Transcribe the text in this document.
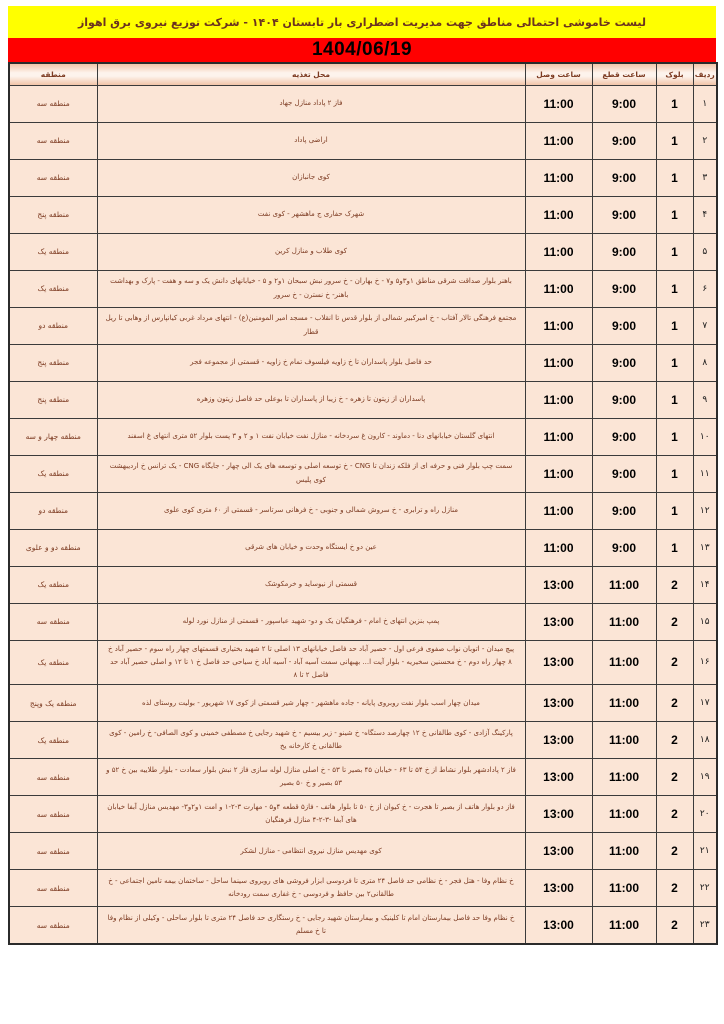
لیست خاموشی احتمالی مناطق جهت مدیریت اضطراری بار تابستان ۱۴۰۴ - شرکت توزیع نیروی برق اهواز
1404/06/19
ردیف	بلوک	ساعت قطع	ساعت وصل	محل تغذیه	منطقه
۱	1	9:00	11:00	فاز ۲ پاداد منازل جهاد	منطقه سه
۲	1	9:00	11:00	اراضی پاداد	منطقه سه
۳	1	9:00	11:00	کوی جانبازان	منطقه سه
۴	1	9:00	11:00	شهرک حفاری ج ماهشهر - کوی نفت	منطقه پنج
۵	1	9:00	11:00	کوی طلاب و منازل کرین	منطقه یک
۶	1	9:00	11:00	باهنر بلوار صداقت شرقی مناطق ۱و۳و۵ و۷ - خ بهاران - خ سرور نبش سبحان ۱و۲ و ۵ - خیابانهای دانش یک و سه و هفت - پارک و بهداشت باهنر- خ نسترن - خ سرور	منطقه یک
۷	1	9:00	11:00	مجتمع فرهنگی تالار آفتاب - خ امیرکبیر شمالی از بلوار قدس تا انقلاب - مسجد امیر المومنین(ع) - انتهای مرداد غربی کیانپارس از وهابی تا ریل قطار	منطقه دو
۸	1	9:00	11:00	حد فاصل بلوار پاسداران تا خ زاویه فیلسوف تمام خ زاویه - قسمتی از مجموعه فجر	منطقه پنج
۹	1	9:00	11:00	پاسداران از زیتون تا زهره - خ زیبا از پاسداران تا بوعلی حد فاصل زیتون وزهره	منطقه پنج
۱۰	1	9:00	11:00	انتهای گلستان خیابانهای دنا - دماوند - کارون غ سردخانه - منازل نفت خیابان نفت ۱ و ۲ و ۳ پست بلوار ۵۲ متری انتهای غ اسفند	منطقه چهار و سه
۱۱	1	9:00	11:00	سمت چپ بلوار فنی و حرفه ای از فلکه زندان تا CNG - خ توسعه اصلی و توسعه های یک الی چهار - جایگاه CNG - یک ترانس خ اردیبهشت کوی پلیس	منطقه یک
۱۲	1	9:00	11:00	منازل راه و ترابری - خ سروش شمالی و جنوبی - خ فرهانی سرتاسر - قسمتی از ۶۰ متری کوی علوی	منطقه دو
۱۳	1	9:00	11:00	عین دو خ ایستگاه وحدت و خیابان های شرقی	منطقه دو و علوی
۱۴	2	11:00	13:00	قسمتی از نیوساید و خرمکوشک	منطقه یک
۱۵	2	11:00	13:00	پمپ بنزین انتهای خ امام - فرهنگیان یک و دو- شهید عباسپور - قسمتی از منازل نورد لوله	منطقه سه
۱۶	2	11:00	13:00	پیچ میدان - اتوبان نواب صفوی فرعی اول - حصیر آباد حد فاصل خیابانهای ۱۳ اصلی تا ۲ شهید بختیاری قسمتهای چهار راه سوم - حصیر آباد خ ۸ چهار راه دوم - خ محسنین سخیریه - بلوار آیت ا... بهبهانی سمت آسیه آباد - آسیه آباد خ سیاحی حد فاصل خ ۱ تا ۱۲ و اصلی حصیر آباد حد فاصل ۲ تا ۸	منطقه یک
۱۷	2	11:00	13:00	میدان چهار اسب بلوار نفت روبروی پایانه - جاده ماهشهر - چهار شیر قسمتی از کوی ۱۷ شهریور - بولیت روستای لذه	منطقه یک وپنج
۱۸	2	11:00	13:00	پارکینگ آزادی - کوی طالقانی خ ۱۲ چهارصد دستگاه- خ شینو - زیر بیسیم - خ شهید رجایی خ مصطفی خمینی و کوی الصافی- خ رامین - کوی طالقانی خ کارخانه یخ	منطقه یک
۱۹	2	11:00	13:00	فاز ۲ پادادشهر بلوار نشاط از خ ۵۴ تا ۶۳ - خیابان ۴۵ بصیر تا ۵۳ - خ اصلی منازل لوله سازی فاز ۲ نبش بلوار سعادت - بلوار طلاییه بین خ ۵۲ و ۵۳ بصیر و خ ۵۰ بصیر	منطقه سه
۲۰	2	11:00	13:00	فاز دو بلوار هاتف از بصیر تا هجرت - خ کیوان از خ ۵۰ تا بلوار هاتف - فاز۵ قطعه ۴و۵ - مهارت ۳-۲-۱ و امت ۱و۲و۳- مهدیس منازل آبفا خیابان های آبفا -۳-۲-۴ منازل فرهنگیان	منطقه سه
۲۱	2	11:00	13:00	کوی مهدیس منازل نیروی انتظامی - منازل لشکر	منطقه سه
۲۲	2	11:00	13:00	خ نظام وفا - هتل فجر - خ نظامی حد فاصل ۲۴ متری تا فردوسی ابزار فروشی های روبروی سینما ساحل - ساختمان بیمه تامین اجتماعی - خ طالقانی۲ بین حافظ و فردوسی - خ غفاری سمت رودخانه	منطقه سه
۲۳	2	11:00	13:00	خ نظام وفا حد فاصل بیمارستان امام تا کلینیک و بیمارستان شهید رجایی - خ رستگاری حد فاصل ۲۴ متری تا بلوار ساحلی - وکیلی از نظام وفا تا خ مسلم	منطقه سه
